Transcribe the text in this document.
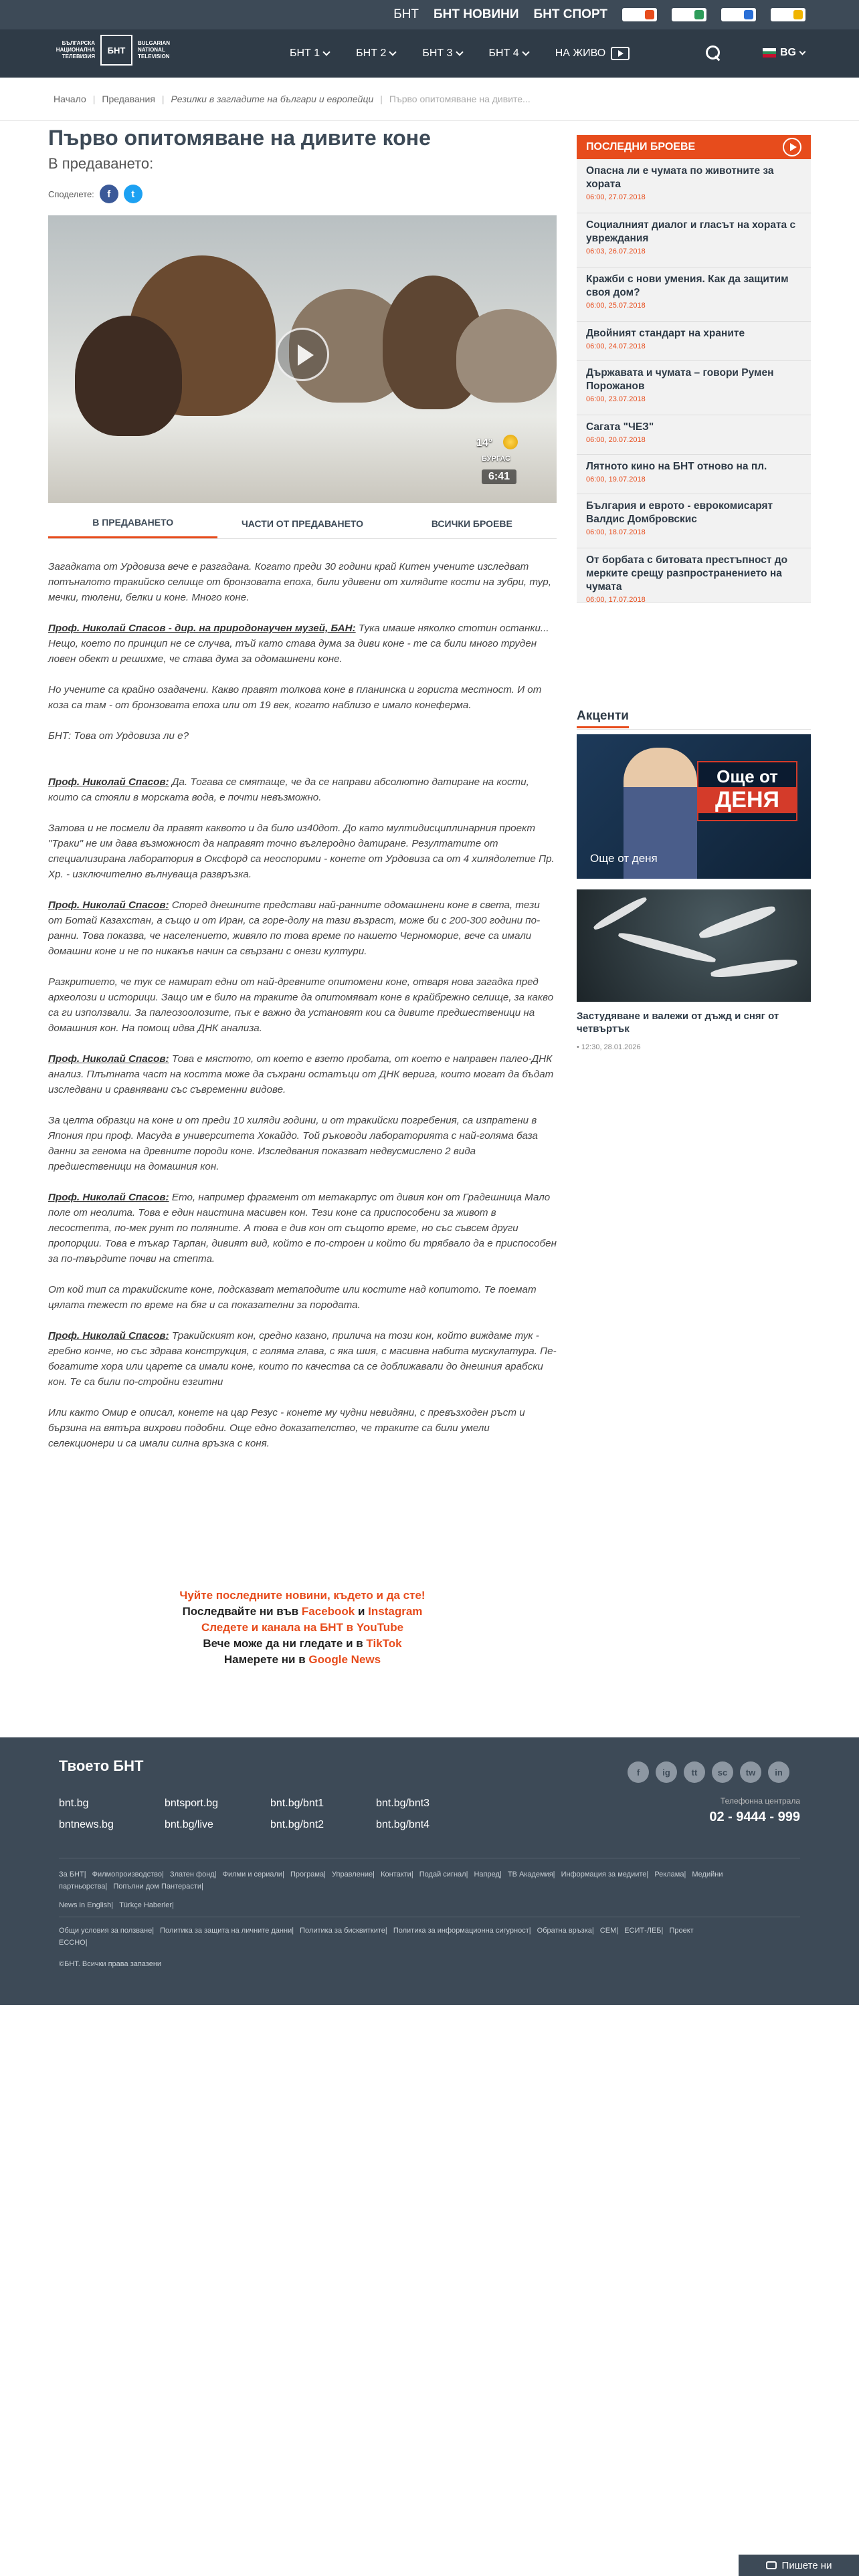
БНТ БНТ НОВИНИ БНТ СПОРТ
БЪЛГАРСКА НАЦИОНАЛНА ТЕЛЕВИЗИЯ
БНТ
BULGARIAN NATIONAL TELEVISION	БНТ 1	БНТ 2	БНТ 3	БНТ 4	НА ЖИВО	BG
Начало | Предавания | Резилки в загладите на българи и европейци | Първо опитомяване на дивите...
Първо опитомяване на дивите коне
В предаването:
Споделете:	f	t
14°
БУРГАС
6:41
В ПРЕДАВАНЕТО	ЧАСТИ ОТ ПРЕДАВАНЕТО	ВСИЧКИ БРОЕВЕ

Загадката от Урдовиза вече е разгадана. Когато преди 30 години край Китен учените изследват потъналото тракийско селище от бронзовата епоха, били удивени от хилядите кости на зубри, тур, мечки, тюлени, белки и коне. Много коне.

Проф. Николай Спасов - дир. на природонаучен музей, БАН: Тука имаше няколко стотин останки... Нещо, което по принцип не се случва, тъй като става дума за диви коне - те са били много труден ловен обект и решихме, че става дума за одомашнени коне.

Но учените са крайно озадачени. Какво правят толкова коне в планинска и гориста местност. И от коза са там - от бронзовата епоха или от 19 век, когато наблизо е имало конеферма.

БНТ: Това от Урдовиза ли е?

Проф. Николай Спасов: Да. Тогава се смятаще, че да се направи абсолютно датиране на кости, които са стояли в морската вода, е почти невъзможно.

Затова и не посмели да правят каквото и да било из40дот. До като мултидисциплинарния проект "Траки" не им дава възможност да направят точно въглеродно датиране. Резултатите от специализирана лаборатория в Оксфорд са неоспорими - конете от Урдовиза са от 4 хилядолетие Пр. Хр. - изключително вълнуваща развръзка.

Проф. Николай Спасов: Според днешните представи най-ранните одомашнени коне в света, тези от Ботай Казахстан, а също и от Иран, са горе-долу на тази възраст, може би с 200-300 години по-ранни. Това показва, че населението, живяло по това време по нашето Черноморие, вече са имали домашни коне и не по никакъв начин са свързани с онези култури.

Разкритието, че тук се намират едни от най-древните опитомени коне, отваря нова загадка пред археолози и историци. Защо им е било на траките да опитомяват коне в крайбрежно селище, за какво са ги използвали. За палеозоолозите, пък е важно да установят кои са дивите предшественици на домашния кон. На помощ идва ДНК анализа.

Проф. Николай Спасов: Това е мястото, от което е взето пробата, от което е направен палео-ДНК анализ. Плътната част на костта може да съхрани остатъци от ДНК верига, които могат да бъдат изследвани и сравнявани със съвременни видове.

За целта образци на коне и от преди 10 хиляди години, и от тракийски погребения, са изпратени в Япония при проф. Масуда в университета Хокайдо. Той ръководи лабораторията с най-голяма база данни за генома на древните породи коне. Изследвания показват недвусмислено 2 вида предшественици на домашния кон.

Проф. Николай Спасов: Ето, например фрагмент от метакарпус от дивия кон от Градешница Мало поле от неолита. Това е един наистина масивен кон. Тези коне са приспособени за живот в лесостепта, по-мек рунт по поляните. А това е див кон от същото време, но със съвсем други пропорции. Това е тъкар Тарпан, дивият вид, който е по-строен и който би трябвало да е приспособен за по-твърдите почви на степта.

От кой тип са тракийските коне, подсказват метаподите или костите над копитото. Те поемат цялата тежест по време на бяг и са показателни за породата.

Проф. Николай Спасов: Тракийският кон, средно казано, прилича на този кон, който виждаме тук - гребно конче, но със здрава конструкция, с голяма глава, с яка шия, с масивна набита мускулатура. Пе-богатите хора или царете са имали коне, които по качества са се доближавали до днешния арабски кон. Те са били по-стройни езгитни

Или както Омир е описал, конете на цар Резус - конете му чудни невидяни, с превъзходен ръст и бързина на вятъра вихрови подобни. Още едно доказателство, че траките са били умели селекционери и са имали силна връзка с коня.

Чуйте последните новини, където и да сте!
Последвайте ни във Facebook и Instagram
Следете и канала на БНТ в YouTube
Вече може да ни гледате и в TikTok
Намерете ни в Google News
ПОСЛЕДНИ БРОЕВЕ
Опасна ли е чумата по животните за хората
06:00, 27.07.2018
Социалният диалог и гласът на хората с увреждания
06:03, 26.07.2018
Кражби с нови умения. Как да защитим своя дом?
06:00, 25.07.2018
Двойният стандарт на храните
06:00, 24.07.2018
Държавата и чумата – говори Румен Порожанов
06:00, 23.07.2018
Сагата "ЧЕЗ"
06:00, 20.07.2018
Лятното кино на БНТ отново на пл.
06:00, 19.07.2018
България и еврото - еврокомисарят Валдис Домбровскис
06:00, 18.07.2018
От борбата с битовата престъпност до мерките срещу разпространението на чумата
06:00, 17.07.2018
Акценти
Още от
ДЕНЯ
Още от деня
Застудяване и валежи от дъжд и сняг от четвъртък
• 12:30, 28.01.2026
Твоето БНТ	f	ig	tt	sc	tw	in
bnt.bg	bntsport.bg	bnt.bg/bnt1	bnt.bg/bnt3
bntnews.bg	bnt.bg/live	bnt.bg/bnt2	bnt.bg/bnt4
Телефонна централа
02 - 9444 - 999
За БНТ| Филмопроизводство| Златен фонд| Филми и сериали| Програма| Управление| Контакти| Подай сигнал| Напред| ТВ Академия| Информация за медиите| Реклама| Медийни партньорства| Попълни дом Пантерасти|
News in English| Türkçe Haberler|
Общи условия за ползване| Политика за защита на личните данни| Политика за бисквитките| Политика за информационна сигурност| Обратна връзка| СЕМ| ЕСИТ-ЛЕБ| Проект ECCHO|
©БНТ. Всички права запазени
Пишете ни
